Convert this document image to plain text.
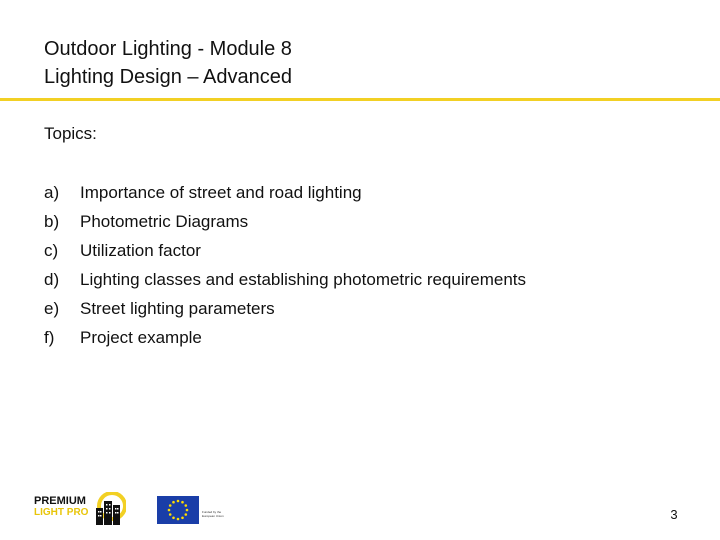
Outdoor Lighting - Module 8
Lighting Design – Advanced
Topics:
a)	Importance of street and road lighting
b)	Photometric Diagrams
c)	Utilization factor
d)	Lighting classes and establishing photometric requirements
e)	Street lighting parameters
f)	Project example
PREMIUM
LIGHT PRO	Funded by the European Union	3
